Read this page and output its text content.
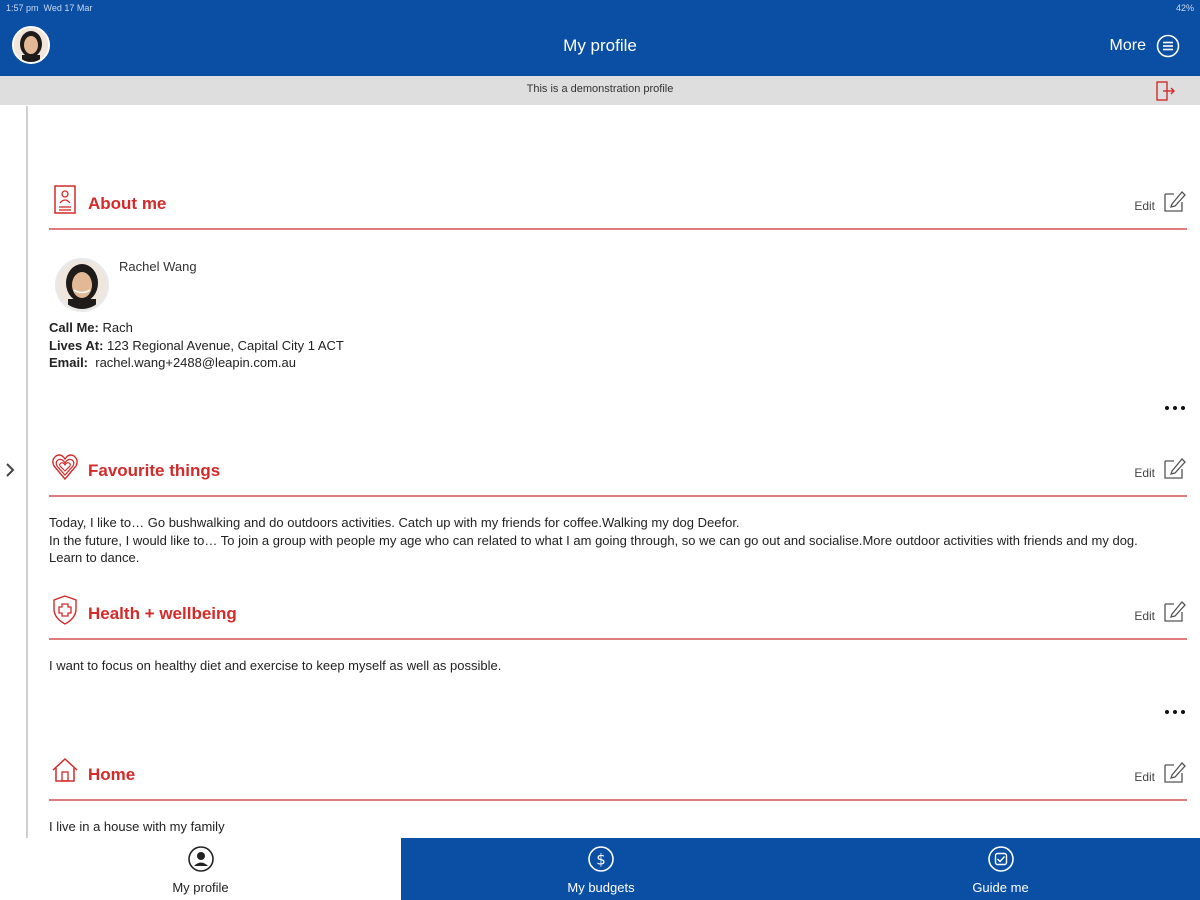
1:57 pm Wed 17 Mar	42%
My profile	More
This is a demonstration profile
About me	Edit
Rachel Wang
Call Me: Rach
Lives At: 123 Regional Avenue, Capital City 1 ACT
Email: rachel.wang+2488@leapin.com.au
Favourite things	Edit
Today, I like to… Go bushwalking and do outdoors activities. Catch up with my friends for coffee.Walking my dog Deefor.
In the future, I would like to… To join a group with people my age who can related to what I am going through, so we can go out and socialise.More outdoor activities with friends and my dog. Learn to dance.
Health + wellbeing	Edit
I want to focus on healthy diet and exercise to keep myself as well as possible.
Home	Edit
I live in a house with my family
My profile
$
My budgets	Guide me
